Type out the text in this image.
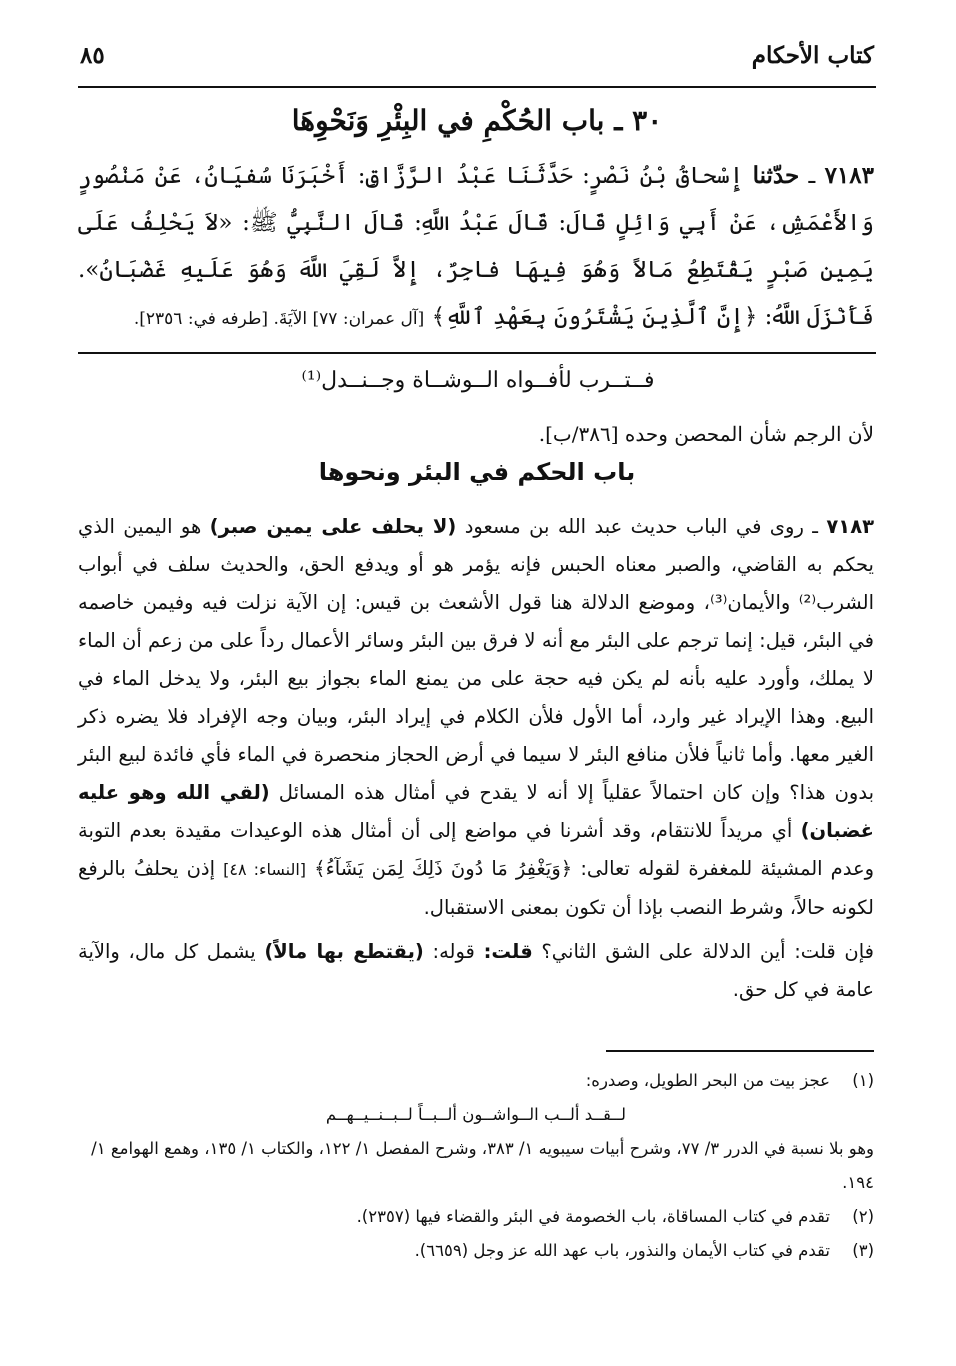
كتاب الأحكام
٨٥
٣٠ ـ باب الحُكْمِ في البِئْرِ وَنَحْوِهَا
٧١٨٣ ـ حدّثنا إِسْحاقُ بْنُ نَصْرٍ: حَدَّثَنَا عَبْدُ الرَّزَّاقِ: أَخْبَرَنَا سُفيَانُ، عَنْ مَنْصُورٍ وَالأَعْمَشِ، عَنْ أَبِي وَائِلٍ قَالَ: قَالَ عَبْدُ اللَّهِ: قَالَ النَّبِيُّ ﷺ: «لاَ يَحْلِفُ عَلَى يَمِينِ صَبْرٍ يَقْتَطِعُ مَالاً وَهُوَ فِيهَا فاجِرٌ، إِلاَّ لَقِيَ اللَّهَ وَهُوَ عَلَيهِ غَضْبَانُ». فَأَنْزَلَ اللَّهُ: ﴿إِنَّ ٱلَّذِينَ يَشْتَرُونَ بِعَهْدِ ٱللَّهِ﴾ [آل عمران: ٧٧] الآيَةَ. [طرفه في: ٢٣٥٦].
فــتــرب لأفــواه الــوشــاة وجــنــدل⁽¹⁾
لأن الرجم شأن المحصن وحده [٣٨٦/ب].
باب الحكم في البئر ونحوها

٧١٨٣ ـ روى في الباب حديث عبد الله بن مسعود (لا يحلف على يمين صبر) هو اليمين الذي يحكم به القاضي، والصبر معناه الحبس فإنه يؤمر هو أو ويدفع الحق، والحديث سلف في أبواب الشرب⁽²⁾ والأيمان⁽³⁾، وموضع الدلالة هنا قول الأشعث بن قيس: إن الآية نزلت فيه وفيمن خاصمه في البئر، قيل: إنما ترجم على البئر مع أنه لا فرق بين البئر وسائر الأعمال رداً على من زعم أن الماء لا يملك، وأورد عليه بأنه لم يكن فيه حجة على من يمنع الماء بجواز بيع البئر، ولا يدخل الماء في البيع. وهذا الإيراد غير وارد، أما الأول فلأن الكلام في إيراد البئر، وبيان وجه الإفراد فلا يضره ذكر الغير معها. وأما ثانياً فلأن منافع البئر لا سيما في أرض الحجاز منحصرة في الماء فأي فائدة لبيع البئر بدون هذا؟ وإن كان احتمالاً عقلياً إلا أنه لا يقدح في أمثال هذه المسائل (لقي الله وهو عليه غضبان) أي مريداً للانتقام، وقد أشرنا في مواضع إلى أن أمثال هذه الوعيدات مقيدة بعدم التوبة وعدم المشيئة للمغفرة لقوله تعالى: ﴿وَيَغْفِرُ مَا دُونَ ذَلِكَ لِمَن يَشَآءُ﴾ [النساء: ٤٨] إذن يحلفُ بالرفع لكونه حالاً، وشرط النصب بإذا أن تكون بمعنى الاستقبال.

فإن قلت: أين الدلالة على الشق الثاني؟ قلت: قوله: (يقتطع بها مالاً) يشمل كل مال، والآية عامة في كل حق.

(١)عجز بيت من البحر الطويل، وصدره:

لــقــد ألــب الــواشــون ألــبــاً لــبــنــيــهــم

وهو بلا نسبة في الدرر ٣/ ٧٧، وشرح أبيات سيبويه ١/ ٣٨٣، وشرح المفصل ١/ ١٢٢، والكتاب ١/ ١٣٥، وهمع الهوامع ١/ ١٩٤.

(٢)تقدم في كتاب المساقاة، باب الخصومة في البئر والقضاء فيها (٢٣٥٧).

(٣)تقدم في كتاب الأيمان والنذور، باب عهد الله عز وجل (٦٦٥٩).
